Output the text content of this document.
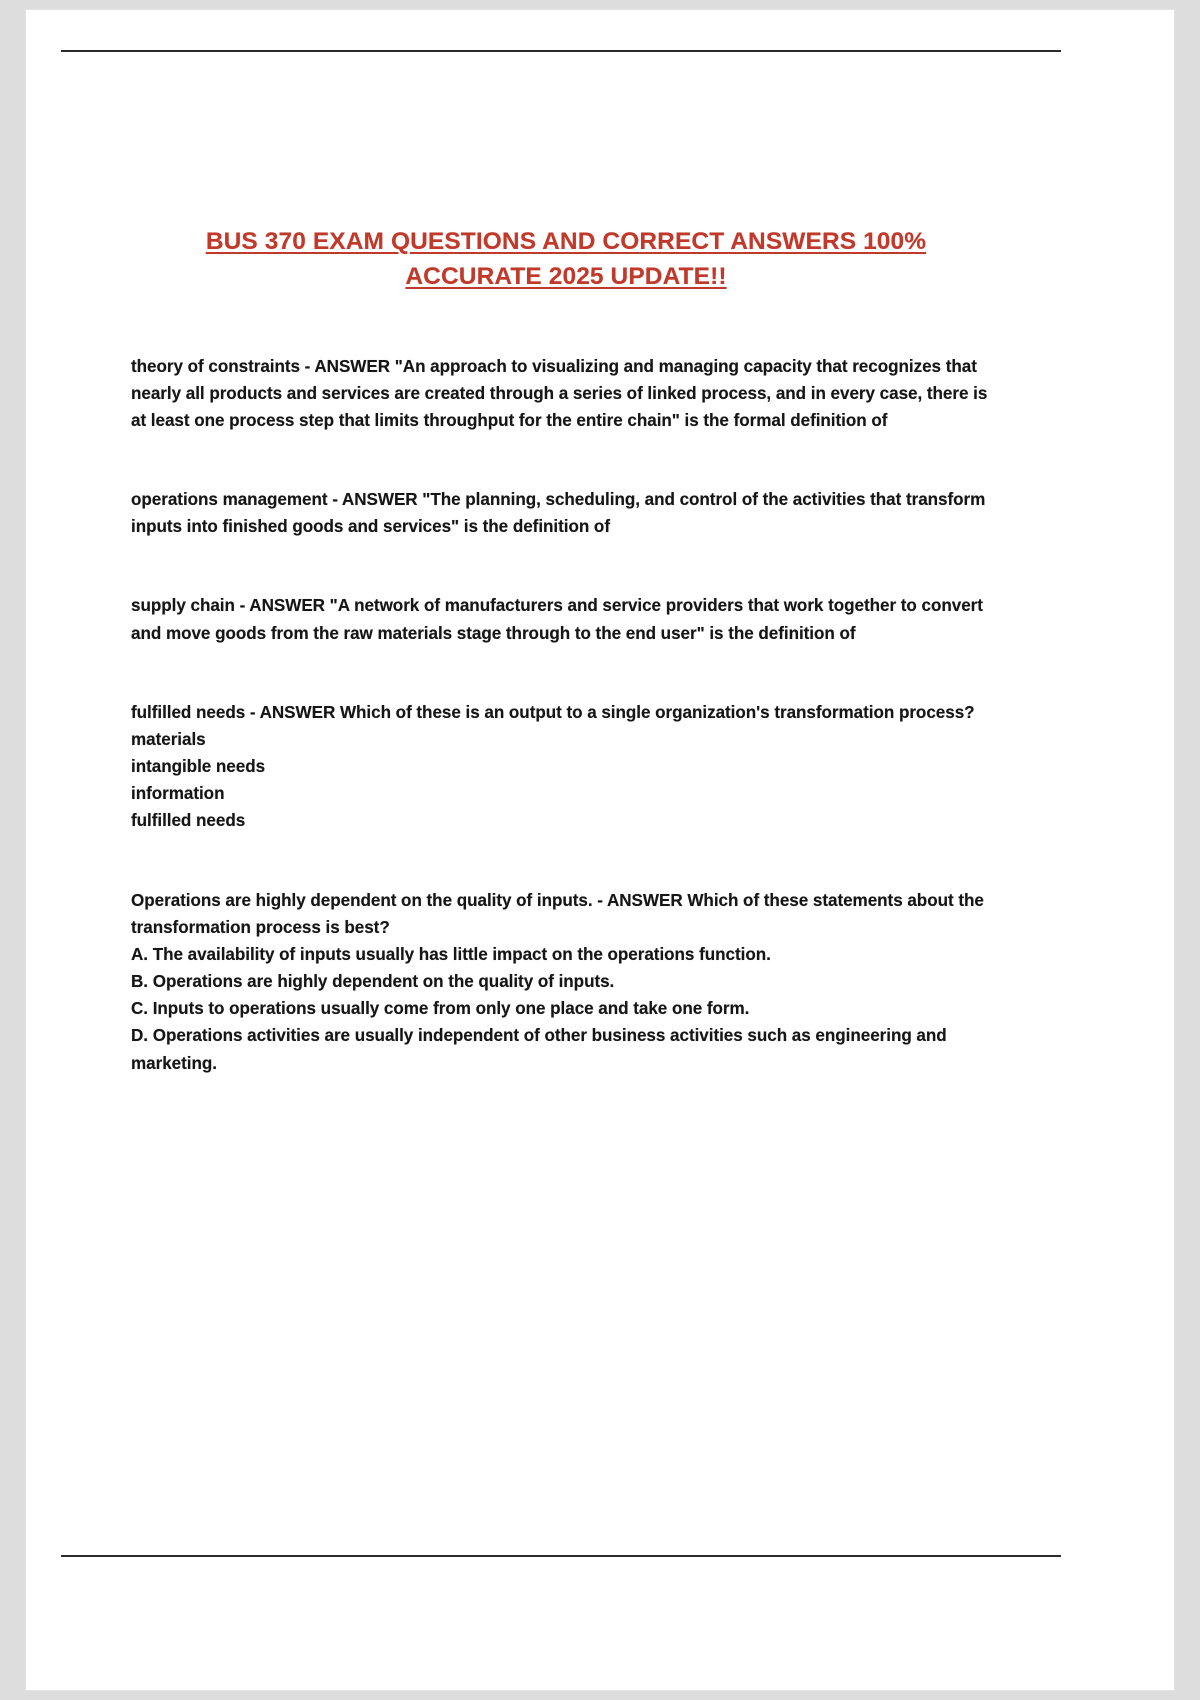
BUS 370 EXAM QUESTIONS AND CORRECT ANSWERS 100% ACCURATE 2025 UPDATE!!

theory of constraints - ANSWER "An approach to visualizing and managing capacity that recognizes that nearly all products and services are created through a series of linked process, and in every case, there is at least one process step that limits throughput for the entire chain" is the formal definition of

operations management - ANSWER "The planning, scheduling, and control of the activities that transform inputs into finished goods and services" is the definition of

supply chain - ANSWER "A network of manufacturers and service providers that work together to convert and move goods from the raw materials stage through to the end user" is the definition of

fulfilled needs - ANSWER Which of these is an output to a single organization's transformation process?

materials

intangible needs

information

fulfilled needs

Operations are highly dependent on the quality of inputs. - ANSWER Which of these statements about the transformation process is best?

A. The availability of inputs usually has little impact on the operations function.

B. Operations are highly dependent on the quality of inputs.

C. Inputs to operations usually come from only one place and take one form.

D. Operations activities are usually independent of other business activities such as engineering and marketing.
